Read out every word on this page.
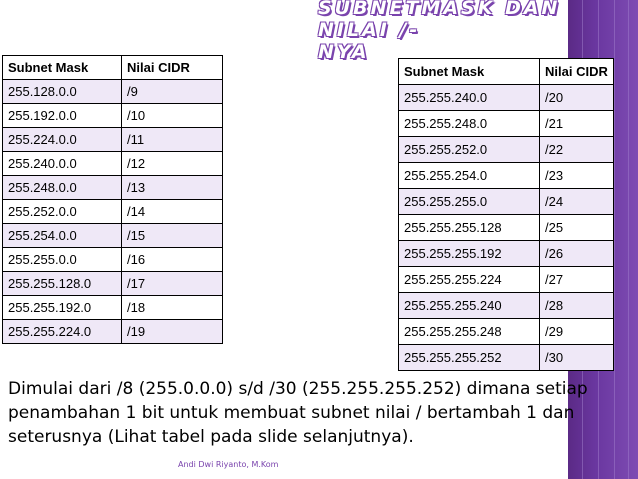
SUBNETMASK DAN NILAI /-
NYA
Subnet Mask	Nilai CIDR
255.128.0.0	/9
255.192.0.0	/10
255.224.0.0	/11
255.240.0.0	/12
255.248.0.0	/13
255.252.0.0	/14
255.254.0.0	/15
255.255.0.0	/16
255.255.128.0	/17
255.255.192.0	/18
255.255.224.0	/19
Subnet Mask	Nilai CIDR
255.255.240.0	/20
255.255.248.0	/21
255.255.252.0	/22
255.255.254.0	/23
255.255.255.0	/24
255.255.255.128	/25
255.255.255.192	/26
255.255.255.224	/27
255.255.255.240	/28
255.255.255.248	/29
255.255.255.252	/30
Dimulai dari /8 (255.0.0.0) s/d /30 (255.255.255.252) dimana setiap penambahan 1 bit untuk membuat subnet nilai / bertambah 1 dan seterusnya (Lihat tabel pada slide selanjutnya).
Andi Dwi Riyanto, M.Kom
